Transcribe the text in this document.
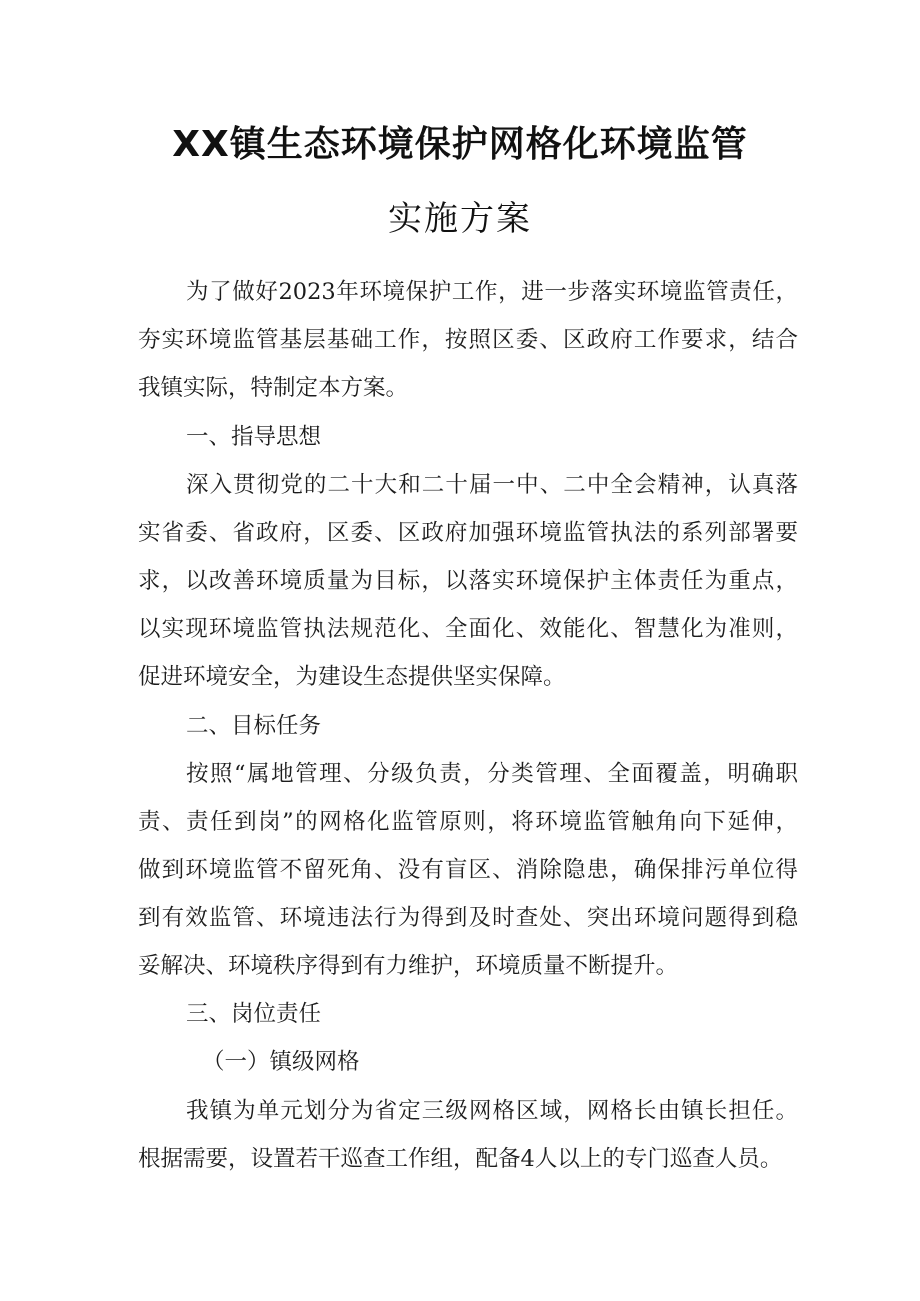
XX镇生态环境保护网格化环境监管
实施方案
为了做好2023年环境保护工作，进一步落实环境监管责任，
夯实环境监管基层基础工作，按照区委、区政府工作要求，结合
我镇实际，特制定本方案。
一、指导思想
深入贯彻党的二十大和二十届一中、二中全会精神，认真落
实省委、省政府，区委、区政府加强环境监管执法的系列部署要
求，以改善环境质量为目标，以落实环境保护主体责任为重点，
以实现环境监管执法规范化、全面化、效能化、智慧化为准则，
促进环境安全，为建设生态提供坚实保障。
二、目标任务
按照“属地管理、分级负责，分类管理、全面覆盖，明确职
责、责任到岗”的网格化监管原则，将环境监管触角向下延伸，
做到环境监管不留死角、没有盲区、消除隐患，确保排污单位得
到有效监管、环境违法行为得到及时查处、突出环境问题得到稳
妥解决、环境秩序得到有力维护，环境质量不断提升。
三、岗位责任
（一）镇级网格
我镇为单元划分为省定三级网格区域，网格长由镇长担任。
根据需要，设置若干巡查工作组，配备4人以上的专门巡查人员。
